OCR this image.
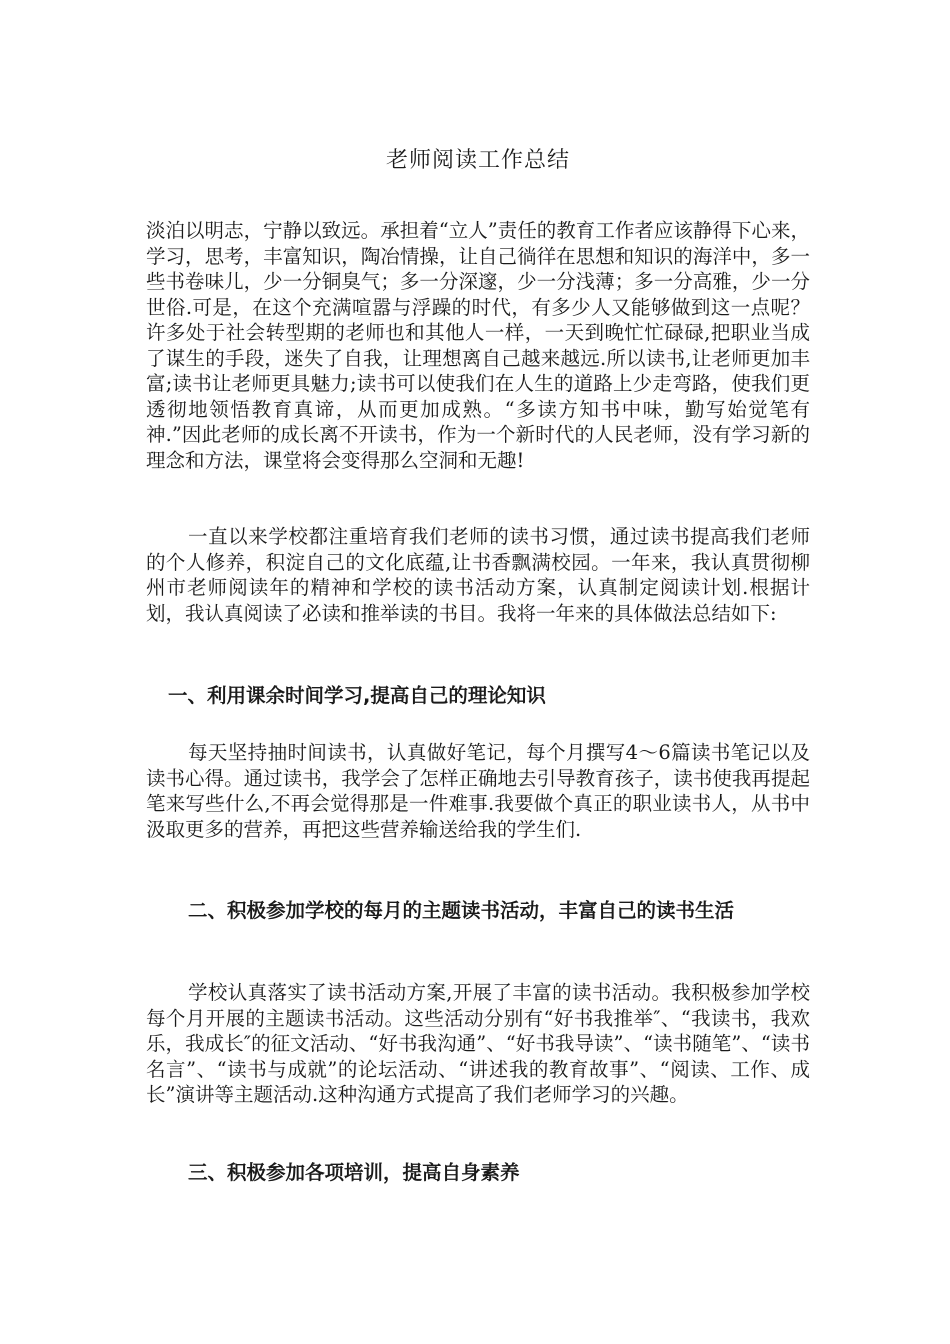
老师阅读工作总结

淡泊以明志，宁静以致远。承担着“立人”责任的教育工作者应该静得下心来，学习，思考，丰富知识，陶冶情操，让自己徜徉在思想和知识的海洋中，多一些书卷味儿，少一分铜臭气；多一分深邃，少一分浅薄；多一分高雅，少一分世俗.可是，在这个充满喧嚣与浮躁的时代，有多少人又能够做到这一点呢？许多处于社会转型期的老师也和其他人一样，一天到晚忙忙碌碌,把职业当成了谋生的手段，迷失了自我，让理想离自己越来越远.所以读书,让老师更加丰富;读书让老师更具魅力;读书可以使我们在人生的道路上少走弯路，使我们更透彻地领悟教育真谛，从而更加成熟。“多读方知书中味，勤写始觉笔有神.”因此老师的成长离不开读书，作为一个新时代的人民老师，没有学习新的理念和方法，课堂将会变得那么空洞和无趣!

一直以来学校都注重培育我们老师的读书习惯，通过读书提高我们老师的个人修养，积淀自己的文化底蕴,让书香飘满校园。一年来，我认真贯彻柳州市老师阅读年的精神和学校的读书活动方案，认真制定阅读计划.根据计划，我认真阅读了必读和推举读的书目。我将一年来的具体做法总结如下:

一、利用课余时间学习,提高自己的理论知识

每天坚持抽时间读书，认真做好笔记，每个月撰写4～6篇读书笔记以及读书心得。通过读书，我学会了怎样正确地去引导教育孩子，读书使我再提起笔来写些什么,不再会觉得那是一件难事.我要做个真正的职业读书人，从书中汲取更多的营养，再把这些营养输送给我的学生们.

二、积极参加学校的每月的主题读书活动，丰富自己的读书生活

学校认真落实了读书活动方案,开展了丰富的读书活动。我积极参加学校每个月开展的主题读书活动。这些活动分别有“好书我推举″、“我读书，我欢乐，我成长″的征文活动、“好书我沟通”、“好书我导读”、“读书随笔”、“读书名言”、“读书与成就”的论坛活动、“讲述我的教育故事”、“阅读、工作、成长”演讲等主题活动.这种沟通方式提高了我们老师学习的兴趣。

三、积极参加各项培训，提高自身素养
